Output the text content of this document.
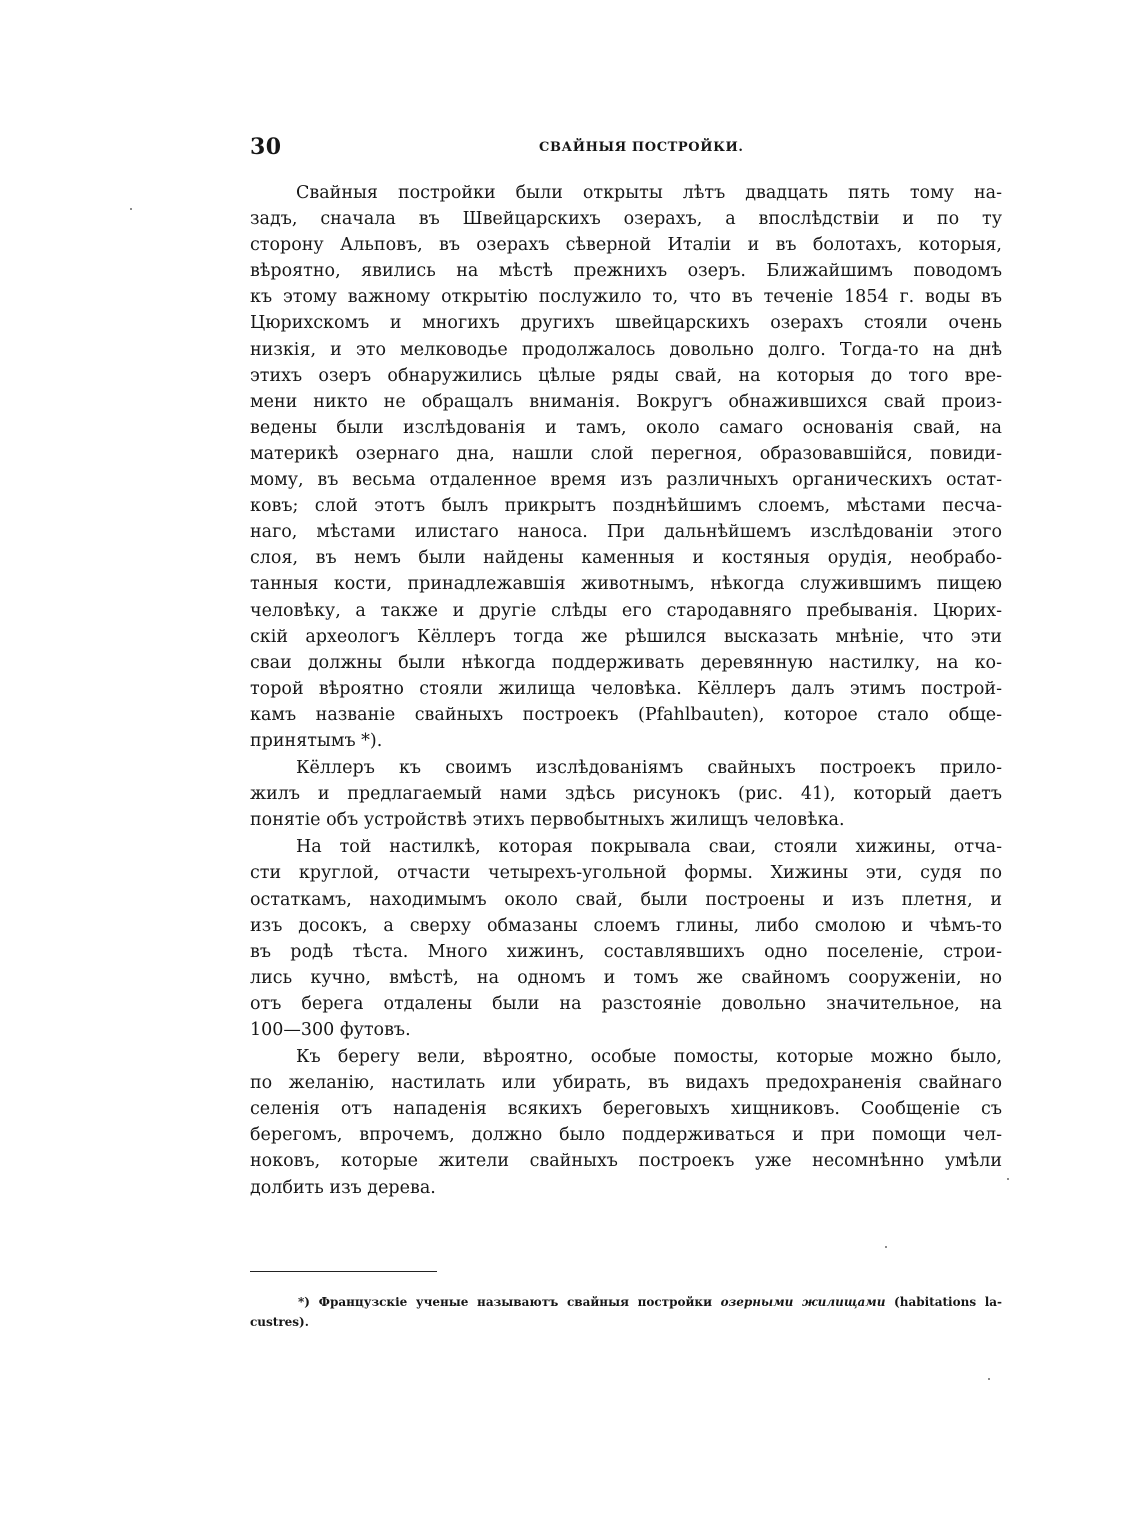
30	СВАЙНЫЯ ПОСТРОЙКИ.
Свайныя постройки были открыты лѣтъ двадцать пять тому на-
задъ, сначала въ Швейцарскихъ озерахъ, а впослѣдствіи и по ту
сторону Альповъ, въ озерахъ сѣверной Италіи и въ болотахъ, которыя,
вѣроятно, явились на мѣстѣ прежнихъ озеръ. Ближайшимъ поводомъ
къ этому важному открытію послужило то, что въ теченіе 1854 г. воды въ
Цюрихскомъ и многихъ другихъ швейцарскихъ озерахъ стояли очень
низкія, и это мелководье продолжалось довольно долго. Тогда-то на днѣ
этихъ озеръ обнаружились цѣлые ряды свай, на которыя до того вре-
мени никто не обращалъ вниманія. Вокругъ обнажившихся свай произ-
ведены были изслѣдованія и тамъ, около самаго основанія свай, на
материкѣ озернаго дна, нашли слой перегноя, образовавшійся, повиди-
мому, въ весьма отдаленное время изъ различныхъ органическихъ остат-
ковъ; слой этотъ былъ прикрытъ позднѣйшимъ слоемъ, мѣстами песча-
наго, мѣстами илистаго наноса. При дальнѣйшемъ изслѣдованіи этого
слоя, въ немъ были найдены каменныя и костяныя орудія, необрабо-
танныя кости, принадлежавшія животнымъ, нѣкогда служившимъ пищею
человѣку, а также и другіе слѣды его стародавняго пребыванія. Цюрих-
скій археологъ Кёллеръ тогда же рѣшился высказать мнѣніе, что эти
сваи должны были нѣкогда поддерживать деревянную настилку, на ко-
торой вѣроятно стояли жилища человѣка. Кёллеръ далъ этимъ построй-
камъ названіе свайныхъ построекъ (Pfahlbauten), которое стало обще-
принятымъ *).
Кёллеръ къ своимъ изслѣдованіямъ свайныхъ построекъ прило-
жилъ и предлагаемый нами здѣсь рисунокъ (рис. 41), который даетъ
понятіе объ устройствѣ этихъ первобытныхъ жилищъ человѣка.
На той настилкѣ, которая покрывала сваи, стояли хижины, отча-
сти круглой, отчасти четырехъ-угольной формы. Хижины эти, судя по
остаткамъ, находимымъ около свай, были построены и изъ плетня, и
изъ досокъ, а сверху обмазаны слоемъ глины, либо смолою и чѣмъ-то
въ родѣ тѣста. Много хижинъ, составлявшихъ одно поселеніе, строи-
лись кучно, вмѣстѣ, на одномъ и томъ же свайномъ сооруженіи, но
отъ берега отдалены были на разстояніе довольно значительное, на
100—300 футовъ.
Къ берегу вели, вѣроятно, особые помосты, которые можно было,
по желанію, настилать или убирать, въ видахъ предохраненія свайнаго
селенія отъ нападенія всякихъ береговыхъ хищниковъ. Сообщеніе съ
берегомъ, впрочемъ, должно было поддерживаться и при помощи чел-
ноковъ, которые жители свайныхъ построекъ уже несомнѣнно умѣли
долбить изъ дерева.
*) Французскіе ученые называютъ свайныя постройки озерными жилищами (habitations la-
custres).
